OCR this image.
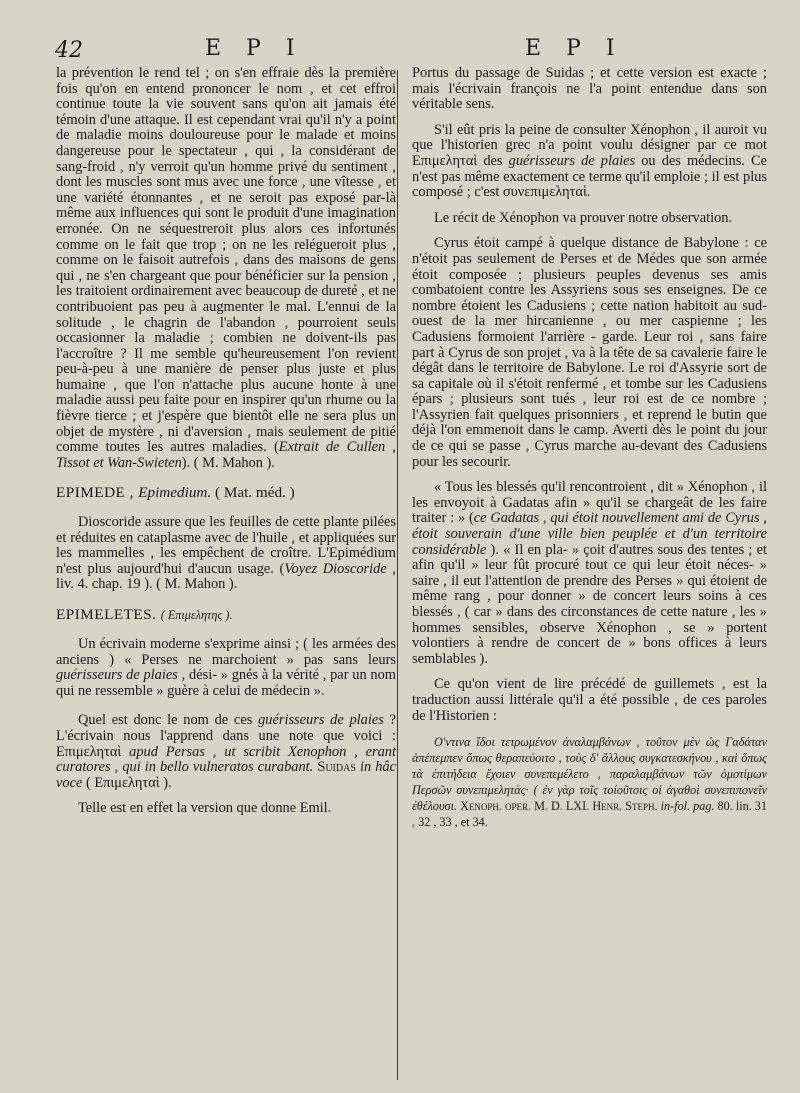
42	E P I	E P I

la prévention le rend tel ; on s'en effraie dès la première fois qu'on en entend prononcer le nom , et cet effroi continue toute la vie souvent sans qu'on ait jamais été témoin d'une attaque. Il est cependant vrai qu'il n'y a point de maladie moins douloureuse pour le malade et moins dangereuse pour le spectateur , qui , la considérant de sang-froid , n'y verroit qu'un homme privé du sentiment , dont les muscles sont mus avec une force , une vîtesse , et une variété étonnantes , et ne seroit pas exposé par-là même aux influences qui sont le produit d'une imagination erronée. On ne séquestreroit plus alors ces infortunés comme on le fait que trop ; on ne les relégueroit plus , comme on le faisoit autrefois , dans des maisons de gens qui , ne s'en chargeant que pour bénéficier sur la pension , les traitoient ordinairement avec beaucoup de dureté , et ne contribuoient pas peu à augmenter le mal. L'ennui de la solitude , le chagrin de l'abandon , pourroient seuls occasionner la maladie ; combien ne doivent-ils pas l'accroître ? Il me semble qu'heureusement l'on revient peu-à-peu à une manière de penser plus juste et plus humaine , que l'on n'attache plus aucune honte à une maladie aussi peu faite pour en inspirer qu'un rhume ou la fièvre tierce ; et j'espère que bientôt elle ne sera plus un objet de mystère , ni d'aversion , mais seulement de pitié comme toutes les autres maladies. (Extrait de Cullen , Tissot et Wan-Swieten). ( M. Mahon ).

EPIMEDE , Epimedium. ( Mat. méd. )

Dioscoride assure que les feuilles de cette plante pilées et réduites en cataplasme avec de l'huile , et appliquées sur les mammelles , les empêchent de croître. L'Epimédium n'est plus aujourd'hui d'aucun usage. (Voyez Dioscoride , liv. 4. chap. 19 ). ( M. Mahon ).

EPIMELETES. ( Επιμελητης ).

Un écrivain moderne s'exprime ainsi ; ( les armées des anciens ) « Perses ne marchoient » pas sans leurs guérisseurs de plaies , dési- » gnés à la vérité , par un nom qui ne ressemble » guère à celui de médecin ».

Quel est donc le nom de ces guérisseurs de plaies ? L'écrivain nous l'apprend dans une note que voici : Επιμεληταὶ apud Persas , ut scribit Xenophon , erant curatores , qui in bello vulneratos curabant. Suidas in hâc voce ( Επιμεληταὶ ).

Telle est en effet la version que donne Emil.

Portus du passage de Suidas ; et cette version est exacte ; mais l'écrivain françois ne l'a point entendue dans son véritable sens.

S'il eût pris la peine de consulter Xénophon , il auroit vu que l'historien grec n'a point voulu désigner par ce mot Επιμεληταὶ des guérisseurs de plaies ou des médecins. Ce n'est pas même exactement ce terme qu'il emploie ; il est plus composé ; c'est συνεπιμεληταὶ.

Le récit de Xénophon va prouver notre observation.

Cyrus étoit campé à quelque distance de Babylone : ce n'étoit pas seulement de Perses et de Médes que son armée étoit composée ; plusieurs peuples devenus ses amis combatoient contre les Assyriens sous ses enseignes. De ce nombre étoient les Cadusiens ; cette nation habitoit au sud-ouest de la mer hircanienne , ou mer caspienne ; les Cadusiens formoient l'arrière - garde. Leur roi , sans faire part à Cyrus de son projet , va à la tête de sa cavalerie faire le dégât dans le territoire de Babylone. Le roi d'Assyrie sort de sa capitale où il s'étoit renfermé , et tombe sur les Cadusiens épars ; plusieurs sont tués , leur roi est de ce nombre ; l'Assyrien fait quelques prisonniers , et reprend le butin que déjà l'on emmenoit dans le camp. Averti dès le point du jour de ce qui se passe , Cyrus marche au-devant des Cadusiens pour les secourir.

« Tous les blessés qu'il rencontroient , dit » Xénophon , il les envoyoit à Gadatas afin » qu'il se chargeât de les faire traiter : » (ce Gadatas , qui étoit nouvellement ami de Cyrus , étoit souverain d'une ville bien peuplée et d'un territoire considérable ). « Il en pla- » çoit d'autres sous des tentes ; et afin qu'il » leur fût procuré tout ce qui leur étoit néces- » saire , il eut l'attention de prendre des Perses » qui étoient de même rang , pour donner » de concert leurs soins à ces blessés , ( car » dans des circonstances de cette nature , les » hommes sensibles, observe Xénophon , se » portent volontiers à rendre de concert de » bons offices à leurs semblables ).

Ce qu'on vient de lire précédé de guillemets , est la traduction aussi littérale qu'il a été possible , de ces paroles de l'Historien :

Ο'ντινα ἴδοι τετρωμένον ἀναλαμβάνων , τοῦτον μὲν ὡς Γαδάταν ἀπέπεμπεν ὅπως θεραπεύοιτο , τοὺς δ' ἄλλους συγκατεσκήνου , καὶ ὅπως τὰ ἐπιτήδεια ἕχοιεν συνεπεμέλετο , παραλαμβάνων τῶν ὁμοτίμων Περσῶν συνεπιμελητάς· ( ἐν γὰρ τοῖς τοίοῦτοις οἱ ἀγαθοὶ συνεπιπονεῖν ἐθέλουσι. Xenoph. oper. M. D. LXI. Henr. Steph. in-fol. pag. 80. lin. 31 , 32 , 33 , et 34.
